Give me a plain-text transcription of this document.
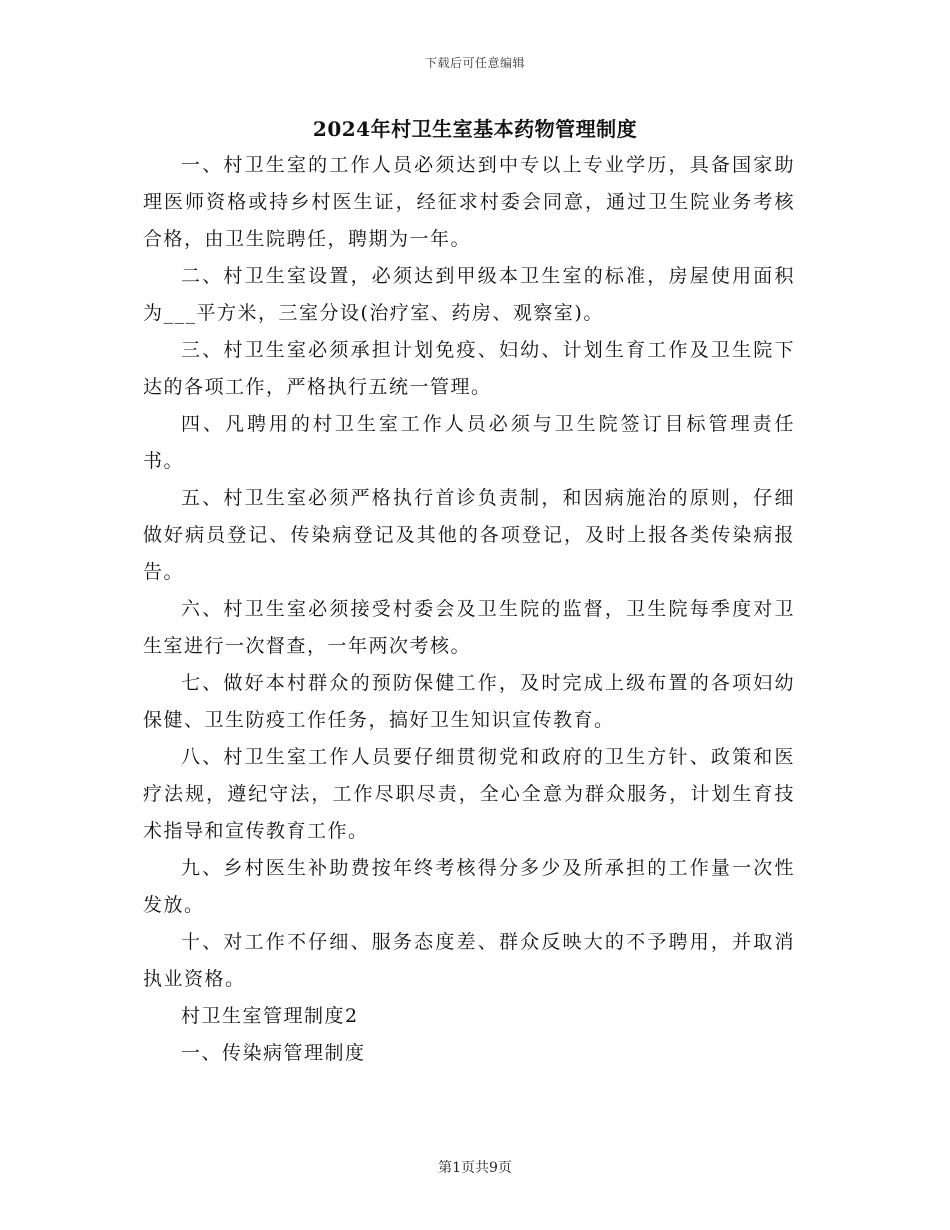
下载后可任意编辑
2024年村卫生室基本药物管理制度

一、村卫生室的工作人员必须达到中专以上专业学历，具备国家助理医师资格或持乡村医生证，经征求村委会同意，通过卫生院业务考核合格，由卫生院聘任，聘期为一年。

二、村卫生室设置，必须达到甲级本卫生室的标准，房屋使用面积为___平方米，三室分设(治疗室、药房、观察室)。

三、村卫生室必须承担计划免疫、妇幼、计划生育工作及卫生院下达的各项工作，严格执行五统一管理。

四、凡聘用的村卫生室工作人员必须与卫生院签订目标管理责任书。

五、村卫生室必须严格执行首诊负责制，和因病施治的原则，仔细做好病员登记、传染病登记及其他的各项登记，及时上报各类传染病报告。

六、村卫生室必须接受村委会及卫生院的监督，卫生院每季度对卫生室进行一次督查，一年两次考核。

七、做好本村群众的预防保健工作，及时完成上级布置的各项妇幼保健、卫生防疫工作任务，搞好卫生知识宣传教育。

八、村卫生室工作人员要仔细贯彻党和政府的卫生方针、政策和医疗法规，遵纪守法，工作尽职尽责，全心全意为群众服务，计划生育技术指导和宣传教育工作。

九、乡村医生补助费按年终考核得分多少及所承担的工作量一次性发放。

十、对工作不仔细、服务态度差、群众反映大的不予聘用，并取消执业资格。

村卫生室管理制度2

一、传染病管理制度

第1页共9页
